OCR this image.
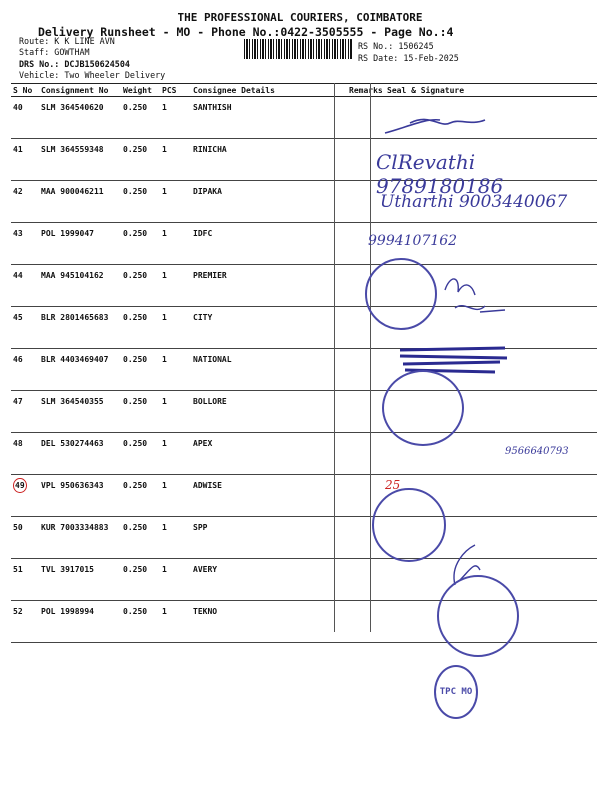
THE PROFESSIONAL COURIERS, COIMBATORE
Delivery Runsheet - MO - Phone No.:0422-3505555 - Page No.:4
Route: K K LINE AVN
Staff: GOWTHAM
DRS No.: DCJB150624504
Vehicle: Two Wheeler Delivery
RS No.: 1506245
RS Date: 15-Feb-2025
S No	Consignment No	Weight	PCS	Consignee Details	Remarks	Seal & Signature
40	SLM 364540620	0.250	1	SANTHISH		
41	SLM 364559348	0.250	1	RINICHA		
42	MAA 900046211	0.250	1	DIPAKA		
43	POL 1999047	0.250	1	IDFC		
44	MAA 945104162	0.250	1	PREMIER		
45	BLR 2801465683	0.250	1	CITY		
46	BLR 4403469407	0.250	1	NATIONAL		
47	SLM 364540355	0.250	1	BOLLORE		
48	DEL 530274463	0.250	1	APEX		
49	VPL 950636343	0.250	1	ADWISE		
50	KUR 7003334883	0.250	1	SPP		
51	TVL 3917015	0.250	1	AVERY		
52	POL 1998994	0.250	1	TEKNO		
ClRevathi 9789180186
Utharthi 9003440067
9994107162
9566640793
25
TPC MO
